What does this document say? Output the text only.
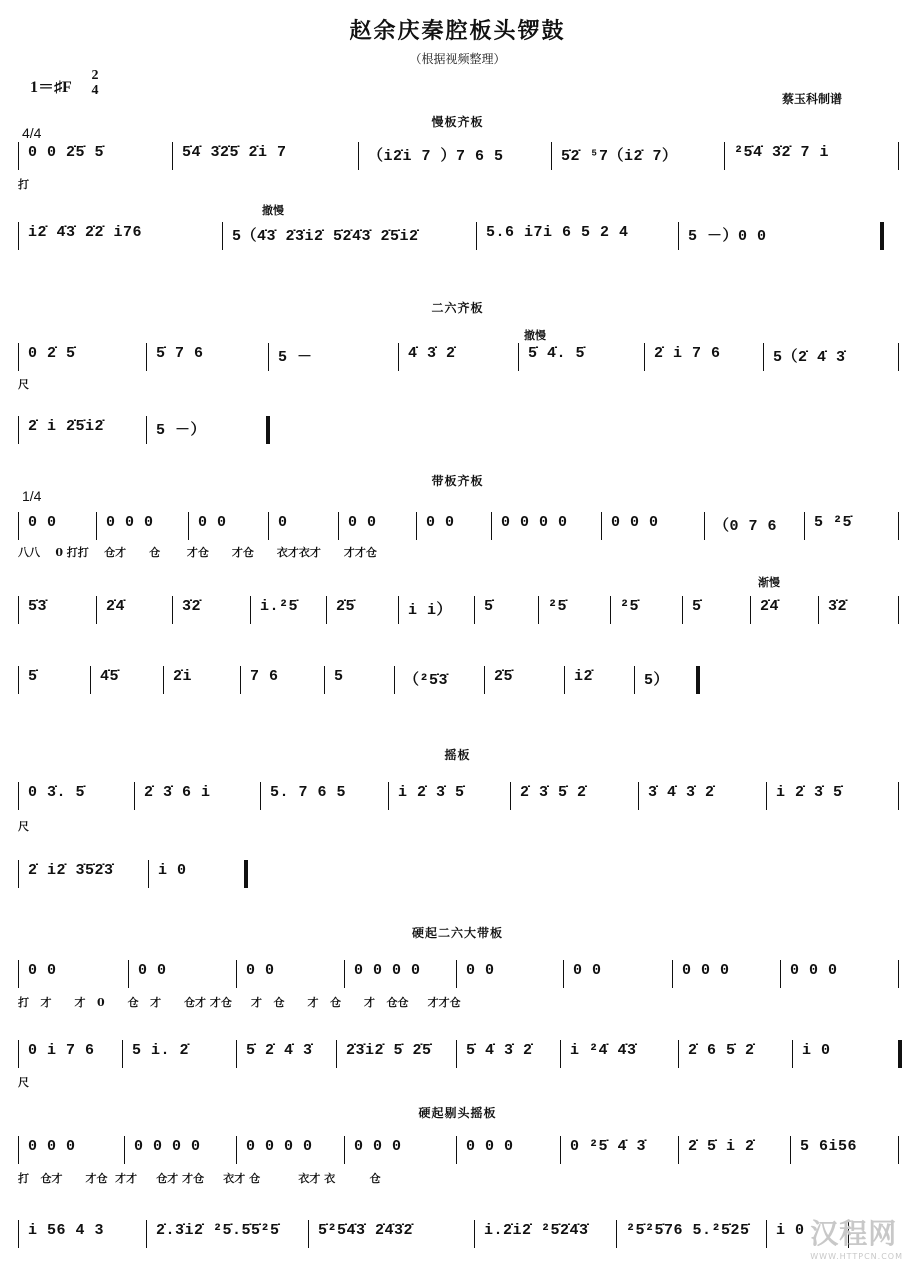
赵余庆秦腔板头锣鼓
（根据视频整理）
1＝♯F
2
4
蔡玉科制谱
慢板齐板
4/4
0 0 2̇5̇ 5̇	5̇4̇ 3̇2̇5̇ 2̇i 7	（i2̇i 7 ）7 6 5	5̇2̇ ⁵7（i2̇ 7）	²5̇4̇ 3̇2̇ 7 i
打
撤慢
i2̇ 4̇3̇ 2̇2̇ i76	5（4̇3̇ 2̇3̇i2̇ 5̇2̇4̇3̇ 2̇5̇i2̇	5.6 i7i 6 5 2 4	5 －）0 0
二六齐板
撤慢
0 2̇ 5̇	5̇ 7 6	5 －	4̇ 3̇ 2̇	5̇ 4̇. 5̇	2̇ i 7 6	5（2̇ 4̇ 3̇
尺
2̇ i 2̇5̇i2̇	5 －）
带板齐板
1/4
0 0	0 0 0	0 0	0	0 0	0 0	0 0 0 0	0 0 0	（0 7 6	5 ²5̇
八八    0 打打    仓才      仓       才仓      才仓      衣才衣才      才才仓
渐慢
5̇3̇	2̇4̇	3̇2̇	i.²5̇	2̇5̇	i i）	5̇	²5̇	²5̇	5̇	2̇4̇	3̇2̇
5̇	4̇5̇	2̇i	7 6	5	（²5̇3̇	2̇5̇	i2̇	5）
摇板
0 3̇. 5̇	2̇ 3̇ 6 i	5. 7 6 5	i 2̇ 3̇ 5̇	2̇ 3̇ 5̇ 2̇	3̇ 4̇ 3̇ 2̇	i 2̇ 3̇ 5̇
尺
2̇ i2̇ 3̇5̇2̇3̇	i 0
硬起二六大带板
0 0	0 0	0 0	0 0 0 0	0 0	0 0	0 0 0	0 0 0
打   才      才   0      仓   才      仓才 才仓     才   仓      才   仓      才   仓仓     才才仓
0 i 7 6	5 i. 2̇	5̇ 2̇ 4̇ 3̇	2̇3̇i2̇ 5̇ 2̇5̇	5̇ 4̇ 3̇ 2̇	i ²4̇ 4̇3̇	2̇ 6 5̇ 2̇	i 0
尺
硬起剔头摇板
0 0 0	0 0 0 0	0 0 0 0	0 0 0	0 0 0	0 ²5̇ 4̇ 3̇	2̇ 5̇ i 2̇	5 6i56
打   仓才      才仓  才才     仓才 才仓     衣才 仓          衣才 衣         仓
i 56 4 3	2̇.3̇i2̇ ²5̇.5̇5̇²5̇	5̇²5̇4̇3̇ 2̇4̇3̇2̇	i.2̇i2̇ ²5̇2̇4̇3̇	²5̇²5̇76 5.²5̇25̇	i 0 汉程网
WWW.HTTPCN.COM
